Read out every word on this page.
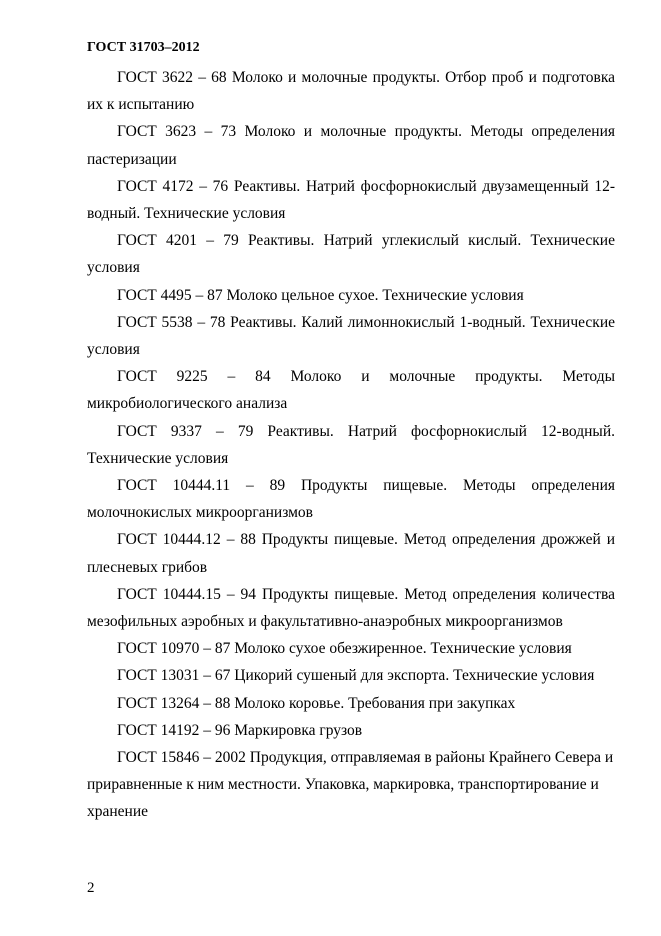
ГОСТ 31703–2012

ГОСТ 3622 – 68 Молоко и молочные продукты. Отбор проб и подготовка их к испытанию

ГОСТ 3623 – 73 Молоко и молочные продукты. Методы определения пастеризации

ГОСТ 4172 – 76 Реактивы. Натрий фосфорнокислый двузамещенный 12-водный. Технические условия

ГОСТ 4201 – 79 Реактивы. Натрий углекислый кислый. Технические условия

ГОСТ 4495 – 87 Молоко цельное сухое. Технические условия

ГОСТ 5538 – 78 Реактивы. Калий лимоннокислый 1-водный. Технические условия

ГОСТ 9225 – 84 Молоко и молочные продукты. Методы микробиологического анализа

ГОСТ 9337 – 79 Реактивы. Натрий фосфорнокислый 12-водный. Технические условия

ГОСТ 10444.11 – 89 Продукты пищевые. Методы определения молочнокислых микроорганизмов

ГОСТ 10444.12 – 88 Продукты пищевые. Метод определения дрожжей и плесневых грибов

ГОСТ 10444.15 – 94 Продукты пищевые. Метод определения количества мезофильных аэробных и факультативно-анаэробных микроорганизмов

ГОСТ 10970 – 87 Молоко сухое обезжиренное. Технические условия

ГОСТ 13031 – 67 Цикорий сушеный для экспорта. Технические условия

ГОСТ 13264 – 88 Молоко коровье. Требования при закупках

ГОСТ 14192 – 96 Маркировка грузов

ГОСТ 15846 – 2002 Продукция, отправляемая в районы Крайнего Севера и приравненные к ним местности. Упаковка, маркировка, транспортирование и хранение

2
